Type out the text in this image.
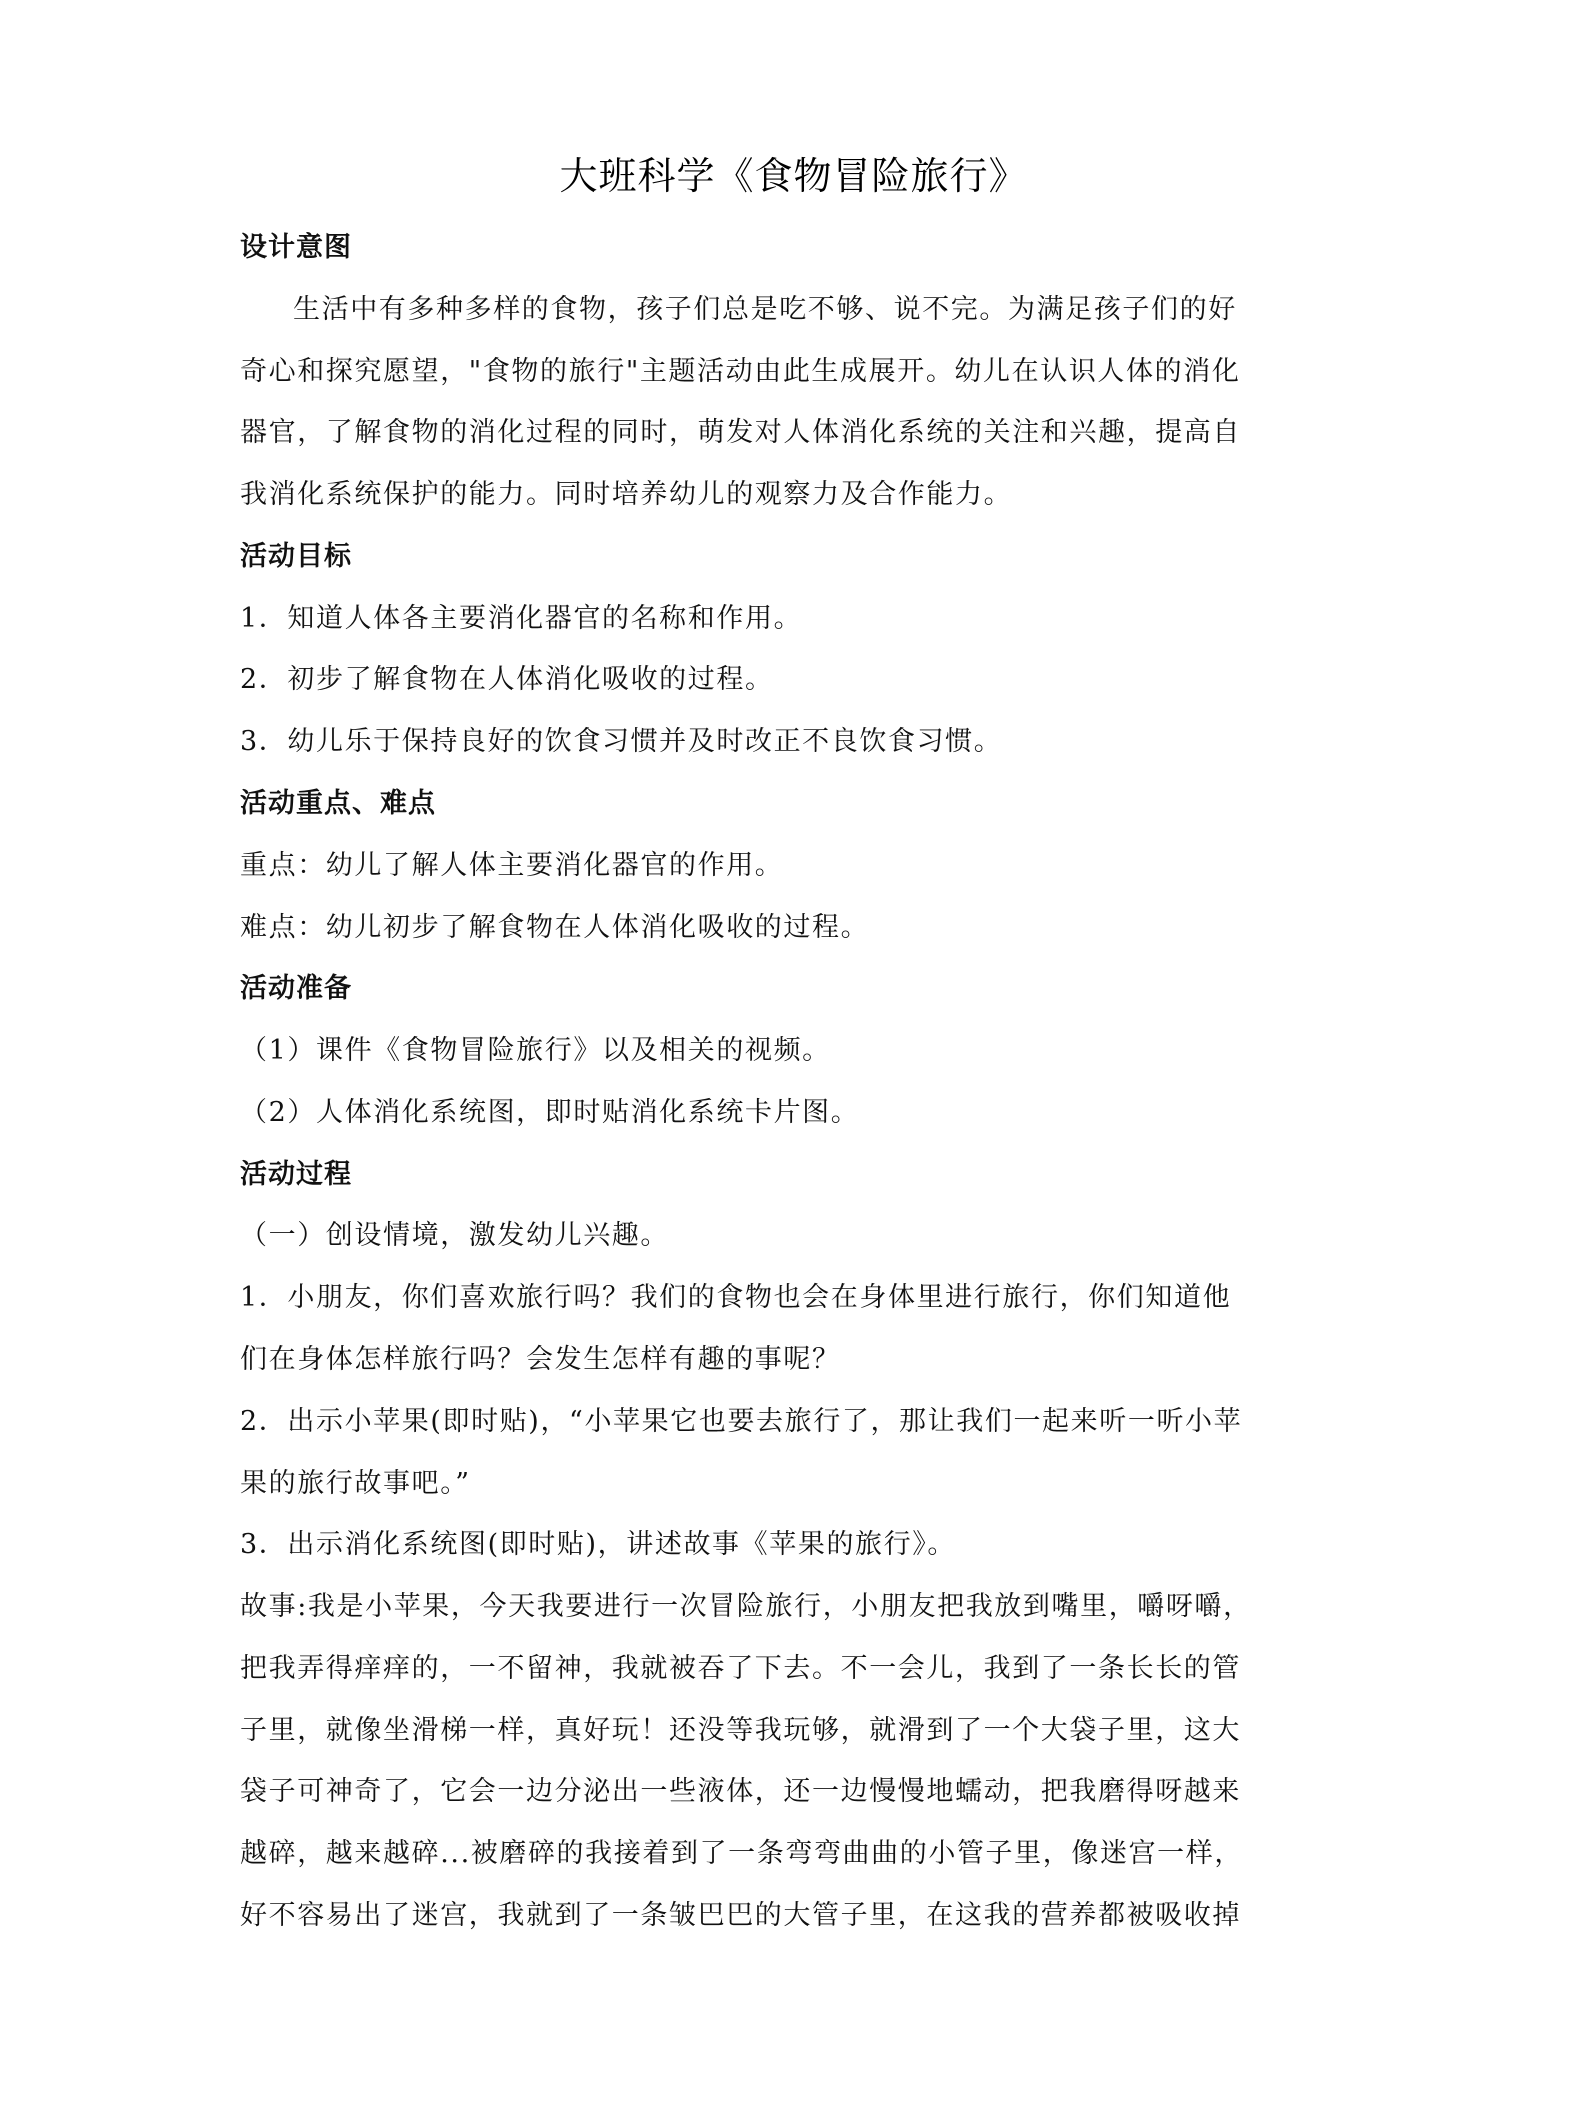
大班科学《食物冒险旅行》
设计意图
生活中有多种多样的食物，孩子们总是吃不够、说不完。为满足孩子们的好
奇心和探究愿望，"食物的旅行"主题活动由此生成展开。幼儿在认识人体的消化
器官，了解食物的消化过程的同时，萌发对人体消化系统的关注和兴趣，提高自
我消化系统保护的能力。同时培养幼儿的观察力及合作能力。
活动目标
1．知道人体各主要消化器官的名称和作用。
2．初步了解食物在人体消化吸收的过程。
3．幼儿乐于保持良好的饮食习惯并及时改正不良饮食习惯。
活动重点、难点
重点：幼儿了解人体主要消化器官的作用。
难点：幼儿初步了解食物在人体消化吸收的过程。
活动准备
（1）课件《食物冒险旅行》以及相关的视频。
（2）人体消化系统图，即时贴消化系统卡片图。
活动过程
（一）创设情境，激发幼儿兴趣。
1．小朋友，你们喜欢旅行吗？我们的食物也会在身体里进行旅行，你们知道他
们在身体怎样旅行吗？会发生怎样有趣的事呢？
2．出示小苹果(即时贴)，“小苹果它也要去旅行了，那让我们一起来听一听小苹
果的旅行故事吧。”
3．出示消化系统图(即时贴)，讲述故事《苹果的旅行》。
故事:我是小苹果，今天我要进行一次冒险旅行，小朋友把我放到嘴里，嚼呀嚼，
把我弄得痒痒的，一不留神，我就被吞了下去。不一会儿，我到了一条长长的管
子里，就像坐滑梯一样，真好玩！还没等我玩够，就滑到了一个大袋子里，这大
袋子可神奇了，它会一边分泌出一些液体，还一边慢慢地蠕动，把我磨得呀越来
越碎，越来越碎...被磨碎的我接着到了一条弯弯曲曲的小管子里，像迷宫一样，
好不容易出了迷宫，我就到了一条皱巴巴的大管子里，在这我的营养都被吸收掉
